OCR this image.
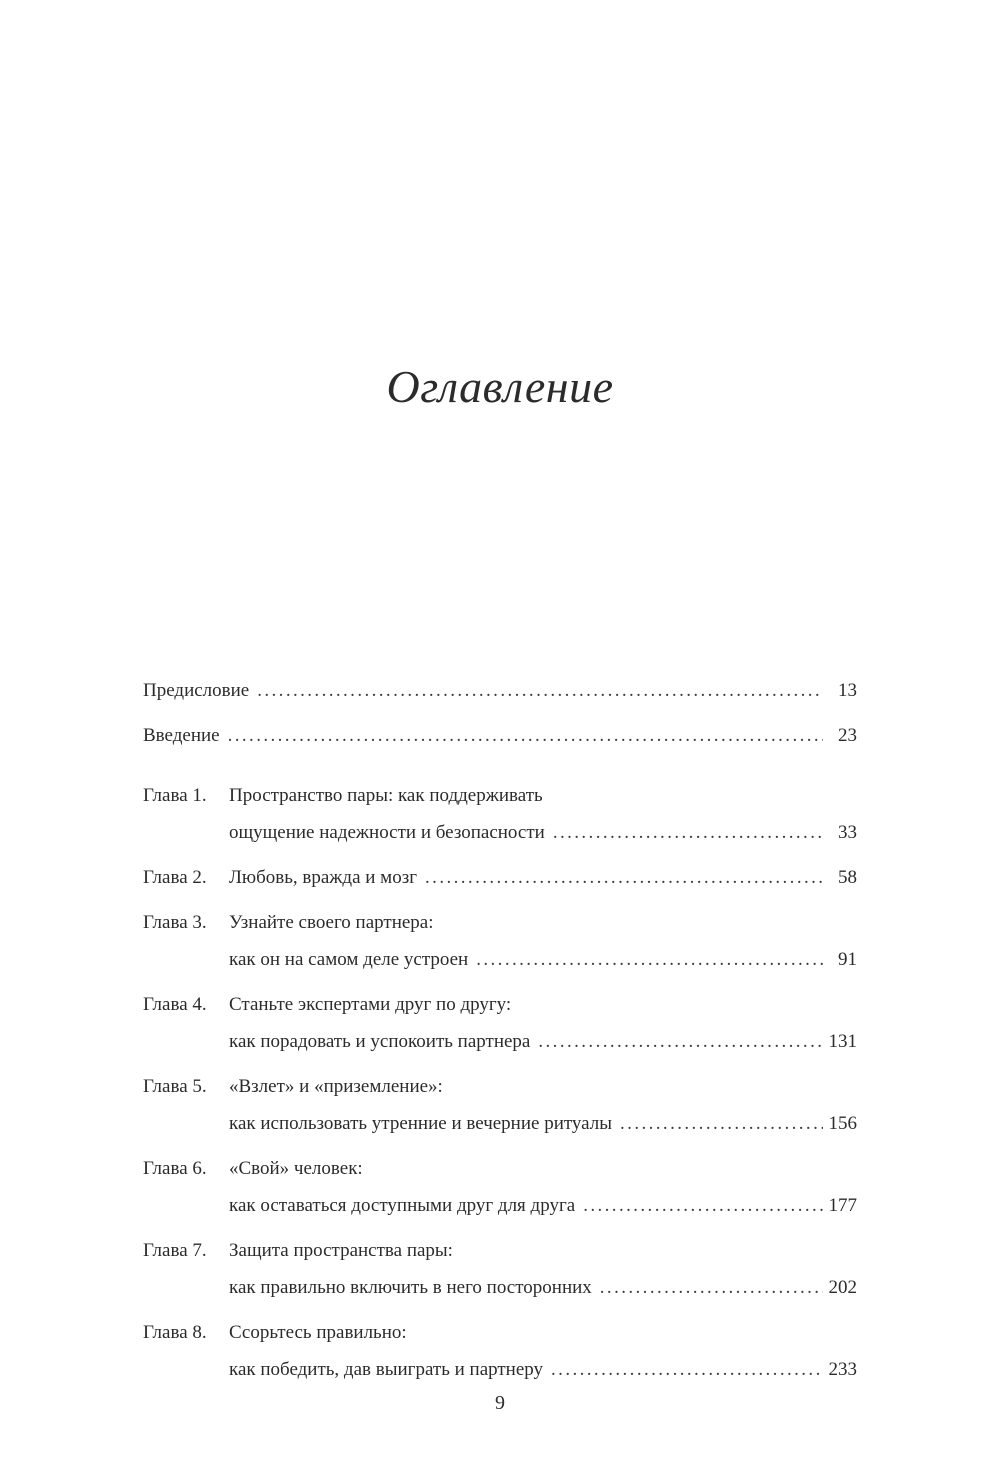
Оглавление
Предисловие .....	13
Введение .....	23
Глава 1.	Пространство пары: как поддерживать
ощущение надежности и безопасности .....	33
Глава 2.	Любовь, вражда и мозг .....	58
Глава 3.	Узнайте своего партнера:
как он на самом деле устроен .....	91
Глава 4.	Станьте экспертами друг по другу:
как порадовать и успокоить партнера .....	131
Глава 5.	«Взлет» и «приземление»:
как использовать утренние и вечерние ритуалы .....	156
Глава 6.	«Свой» человек:
как оставаться доступными друг для друга .....	177
Глава 7.	Защита пространства пары:
как правильно включить в него посторонних .....	202
Глава 8.	Ссорьтесь правильно:
как победить, дав выиграть и партнеру .....	233
9
